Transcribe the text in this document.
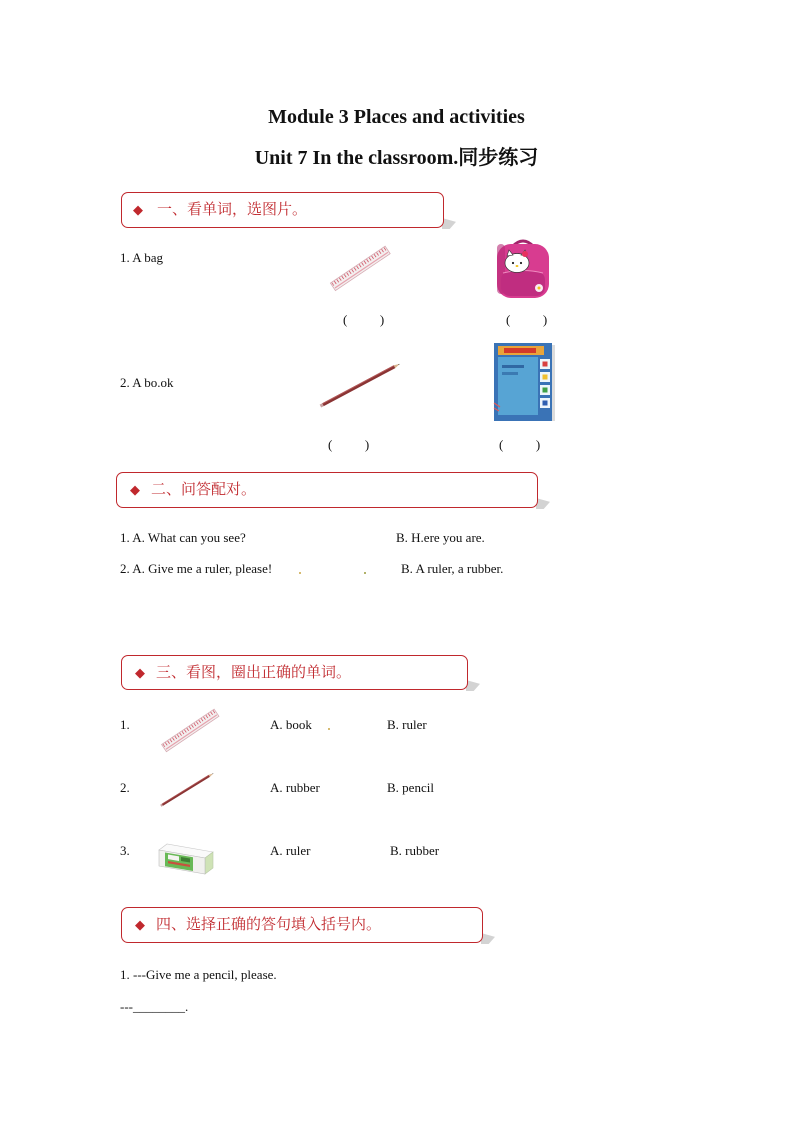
Module 3 Places and activities
Unit 7 In the classroom.同步练习
◆ 一、看单词，选图片。
1. A bag
(          )	(          )
2. A bo.ok
(          )	(          )
◆ 二、问答配对。
1. A. What can you see?	B. H.ere you are.
2. A. Give me a ruler, please!	B. A ruler, a rubber.
◆ 三、看图，圈出正确的单词。
1.	A. book	B. ruler
2.	A. rubber	B. pencil
3.	A. ruler	B. rubber
◆ 四、选择正确的答句填入括号内。
1. ---Give me a pencil, please.
---________.
